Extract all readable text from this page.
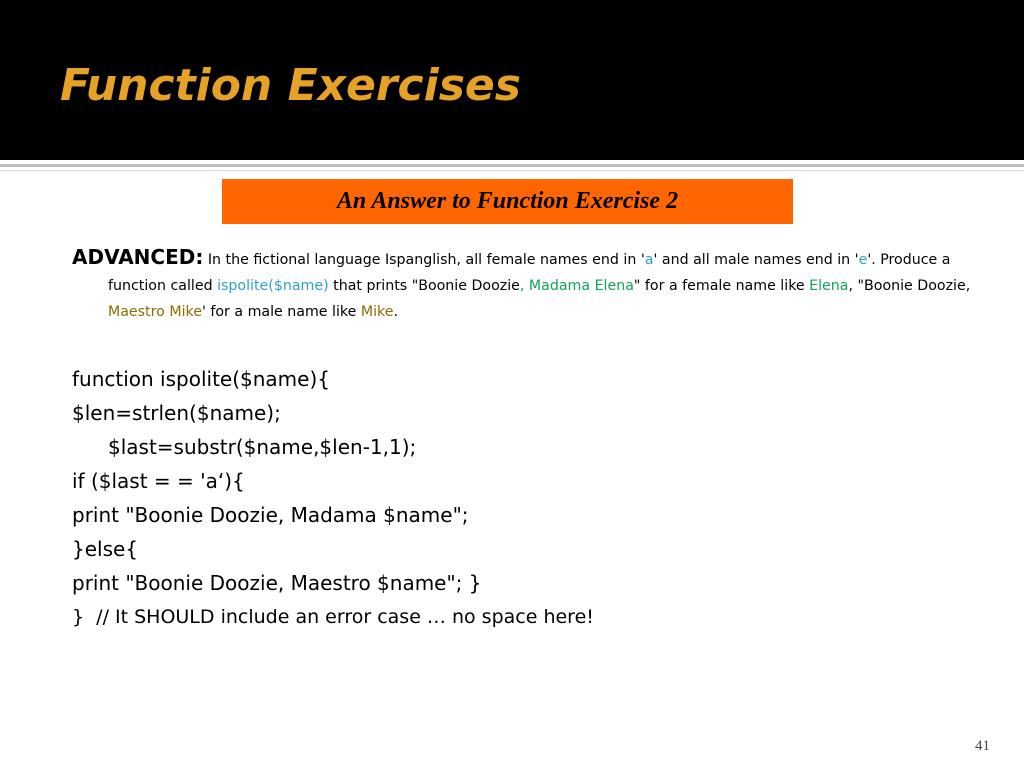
Function Exercises
An Answer to Function Exercise 2
ADVANCED: In the fictional language Ispanglish, all female names end in 'a' and all male names end in 'e'. Produce a function called ispolite($name) that prints "Boonie Doozie, Madama Elena" for a female name like Elena, "Boonie Doozie, Maestro Mike' for a male name like Mike.
function ispolite($name){
$len=strlen($name);
$last=substr($name,$len-1,1);
if ($last = = 'a‘){
print "Boonie Doozie, Madama $name";
}else{
print "Boonie Doozie, Maestro $name"; }
}  // It SHOULD include an error case … no space here!
41
